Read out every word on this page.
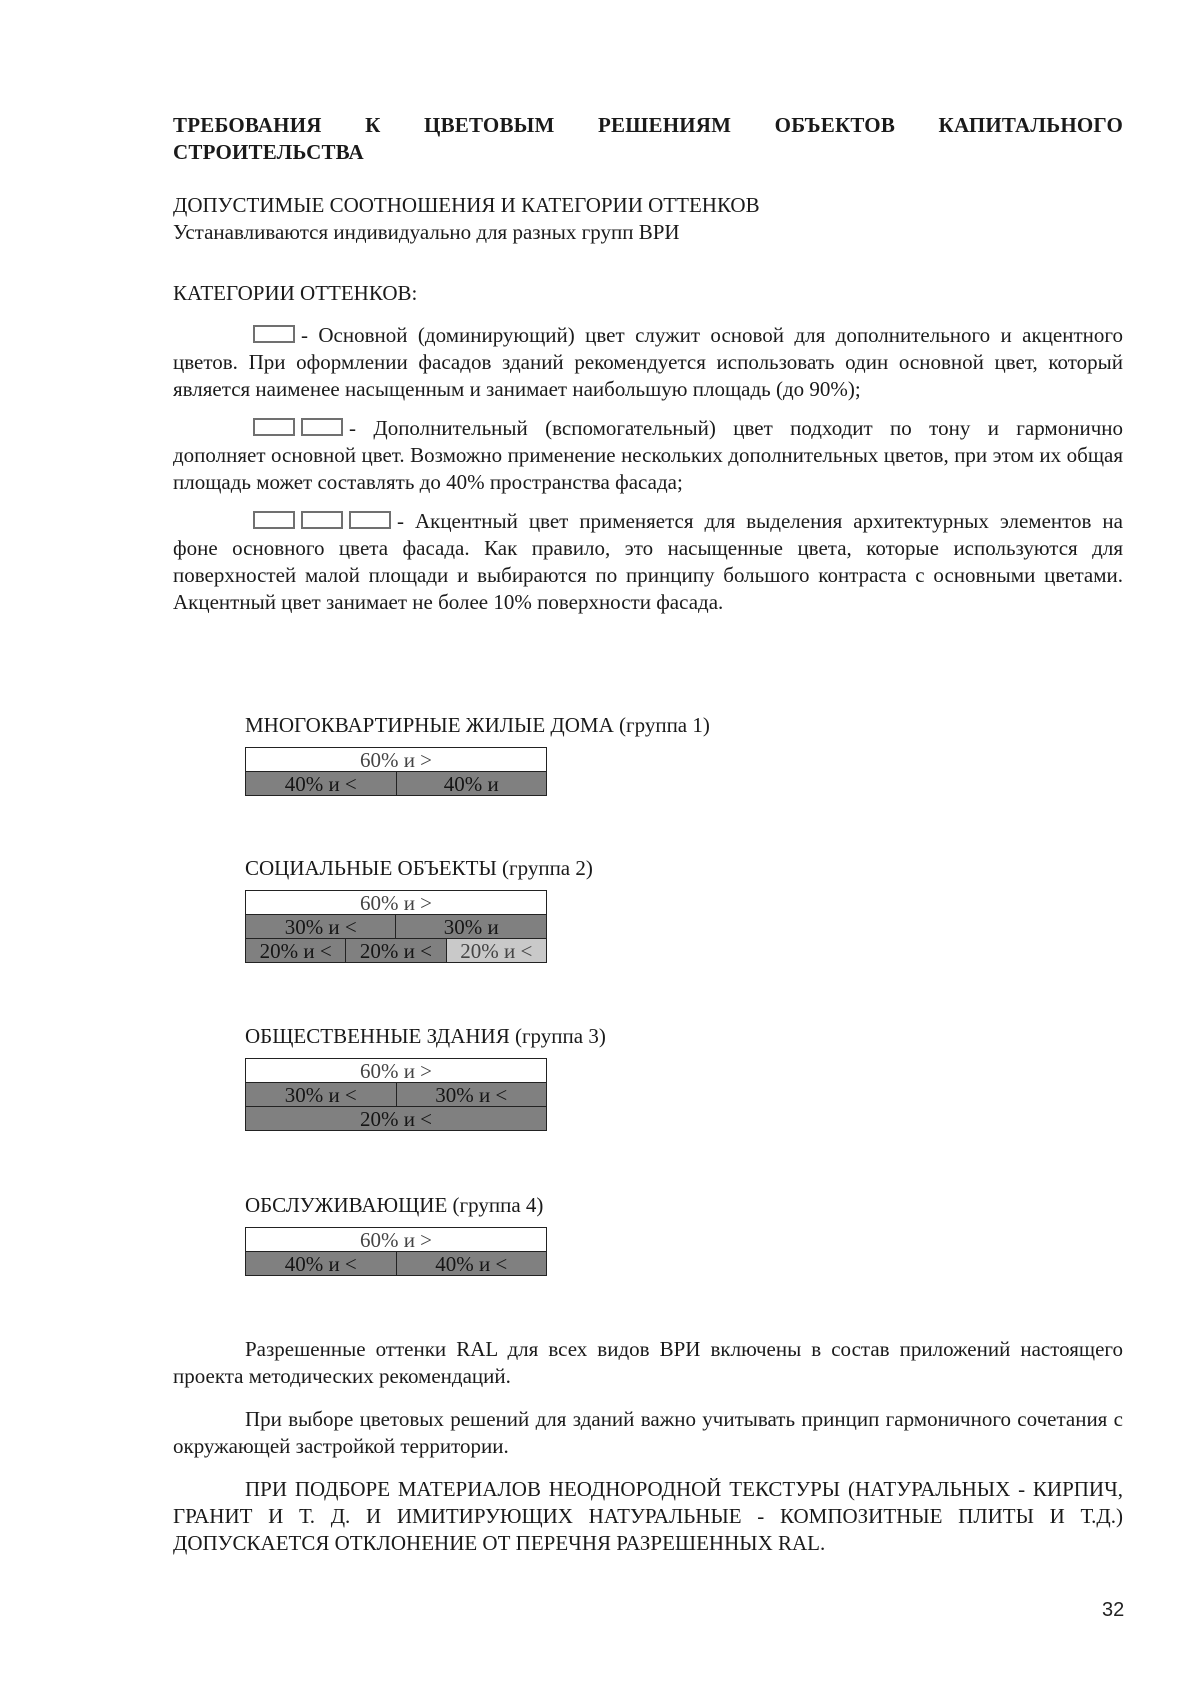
ТРЕБОВАНИЯ К ЦВЕТОВЫМ РЕШЕНИЯМ ОБЪЕКТОВ КАПИТАЛЬНОГО

СТРОИТЕЛЬСТВА

ДОПУСТИМЫЕ СООТНОШЕНИЯ И КАТЕГОРИИ ОТТЕНКОВ

Устанавливаются индивидуально для разных групп ВРИ

КАТЕГОРИИ ОТТЕНКОВ:

- Основной (доминирующий) цвет служит основой для дополнительного и акцентного цветов. При оформлении фасадов зданий рекомендуется использовать один основной цвет, который является наименее насыщенным и занимает наибольшую площадь (до 90%);

- Дополнительный (вспомогательный) цвет подходит по тону и гармонично дополняет основной цвет. Возможно применение нескольких дополнительных цветов, при этом их общая площадь может составлять до 40% пространства фасада;

- Акцентный цвет применяется для выделения архитектурных элементов на фоне основного цвета фасада. Как правило, это насыщенные цвета, которые используются для поверхностей малой площади и выбираются по принципу большого контраста с основными цветами. Акцентный цвет занимает не более 10% поверхности фасада.

МНОГОКВАРТИРНЫЕ ЖИЛЫЕ ДОМА (группа 1)

60% и >
40% и <	40% и

СОЦИАЛЬНЫЕ ОБЪЕКТЫ (группа 2)

60% и >			
30% и <		30% и	
20% и <	20% и <		20% и <

ОБЩЕСТВЕННЫЕ ЗДАНИЯ (группа 3)

60% и >
30% и <	30% и <
20% и <

ОБСЛУЖИВАЮЩИЕ (группа 4)

60% и >
40% и <	40% и <

Разрешенные оттенки RAL для всех видов ВРИ включены в состав приложений настоящего проекта методических рекомендаций.

При выборе цветовых решений для зданий важно учитывать принцип гармоничного сочетания с окружающей застройкой территории.

ПРИ ПОДБОРЕ МАТЕРИАЛОВ НЕОДНОРОДНОЙ ТЕКСТУРЫ (НАТУРАЛЬНЫХ - КИРПИЧ, ГРАНИТ И Т. Д. И ИМИТИРУЮЩИХ НАТУРАЛЬНЫЕ - КОМПОЗИТНЫЕ ПЛИТЫ И Т.Д.) ДОПУСКАЕТСЯ ОТКЛОНЕНИЕ ОТ ПЕРЕЧНЯ РАЗРЕШЕННЫХ RAL.

32
